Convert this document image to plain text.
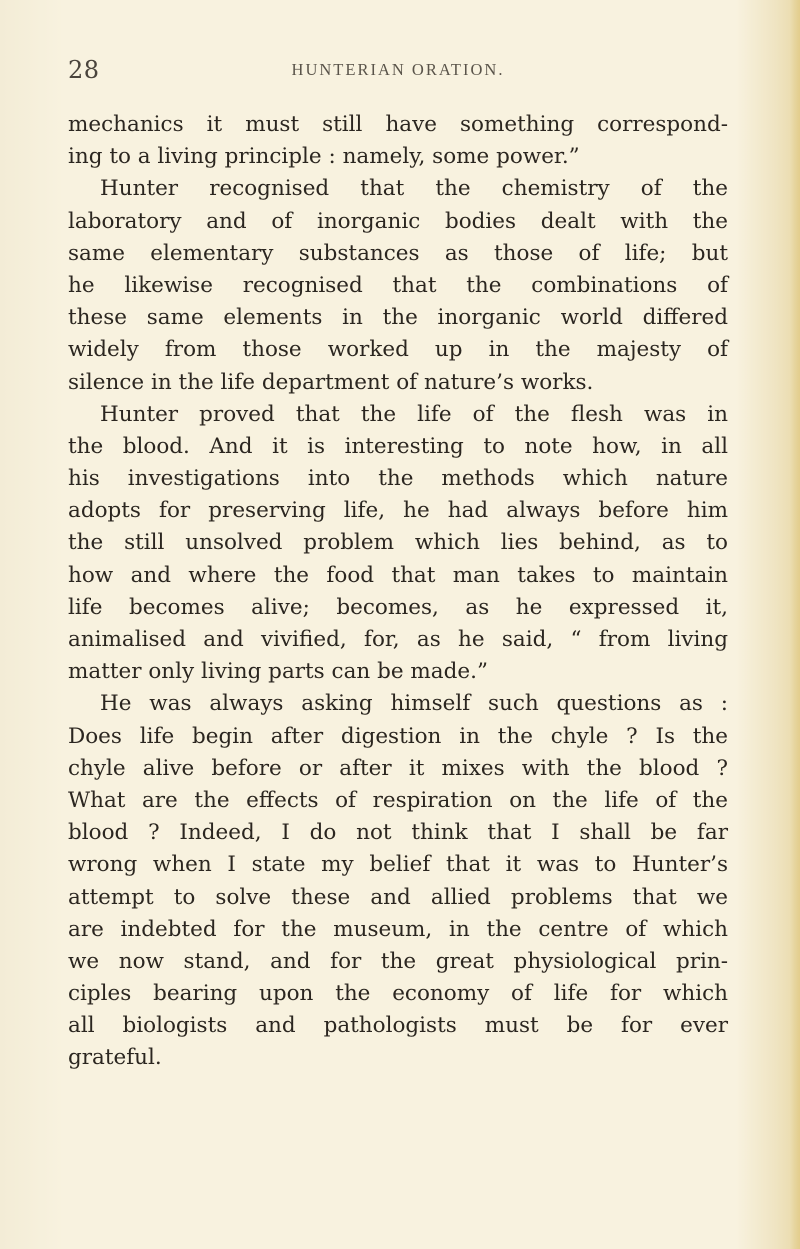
28	HUNTERIAN ORATION.
mechanics it must still have something correspond-
ing to a living principle : namely, some power.”
Hunter recognised that the chemistry of the
laboratory and of inorganic bodies dealt with the
same elementary substances as those of life; but
he likewise recognised that the combinations of
these same elements in the inorganic world differed
widely from those worked up in the majesty of
silence in the life department of nature’s works.
Hunter proved that the life of the flesh was in
the blood. And it is interesting to note how, in all
his investigations into the methods which nature
adopts for preserving life, he had always before him
the still unsolved problem which lies behind, as to
how and where the food that man takes to maintain
life becomes alive; becomes, as he expressed it,
animalised and vivified, for, as he said, “ from living
matter only living parts can be made.”
He was always asking himself such questions as :
Does life begin after digestion in the chyle ? Is the
chyle alive before or after it mixes with the blood ?
What are the effects of respiration on the life of the
blood ? Indeed, I do not think that I shall be far
wrong when I state my belief that it was to Hunter’s
attempt to solve these and allied problems that we
are indebted for the museum, in the centre of which
we now stand, and for the great physiological prin-
ciples bearing upon the economy of life for which
all biologists and pathologists must be for ever
grateful.
